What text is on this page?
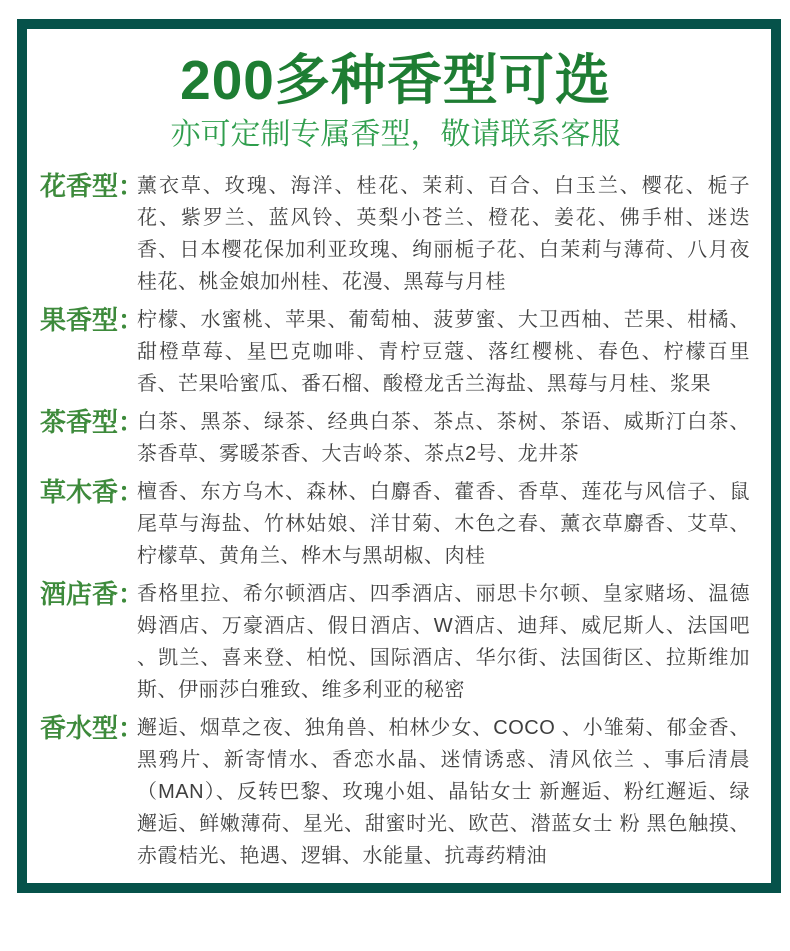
200多种香型可选
亦可定制专属香型，敬请联系客服
花香型：
薰衣草、玫瑰、海洋、桂花、茉莉、百合、白玉兰、樱花、栀子花、紫罗兰、蓝风铃、英梨小苍兰、橙花、姜花、佛手柑、迷迭香、日本樱花保加利亚玫瑰、绚丽栀子花、白茉莉与薄荷、八月夜桂花、桃金娘加州桂、花漫、黑莓与月桂
果香型：
柠檬、水蜜桃、苹果、葡萄柚、菠萝蜜、大卫西柚、芒果、柑橘、甜橙草莓、星巴克咖啡、青柠豆蔻、落红樱桃、春色、柠檬百里香、芒果哈蜜瓜、番石榴、酸橙龙舌兰海盐、黑莓与月桂、浆果
茶香型：
白茶、黑茶、绿茶、经典白茶、茶点、茶树、茶语、威斯汀白茶、茶香草、雾暖茶香、大吉岭茶、茶点2号、龙井茶
草木香：
檀香、东方乌木、森林、白麝香、藿香、香草、莲花与风信子、鼠尾草与海盐、竹林姑娘、洋甘菊、木色之春、薰衣草麝香、艾草、柠檬草、黄角兰、桦木与黑胡椒、肉桂
酒店香：
香格里拉、希尔顿酒店、四季酒店、丽思卡尔顿、皇家赌场、温德姆酒店、万豪酒店、假日酒店、W酒店、迪拜、威尼斯人、法国吧 、凯兰、喜来登、柏悦、国际酒店、华尔街、法国街区、拉斯维加斯、伊丽莎白雅致、维多利亚的秘密
香水型：
邂逅、烟草之夜、独角兽、柏林少女、COCO 、小雏菊、郁金香、黑鸦片、新寄情水、香恋水晶、迷情诱惑、清风依兰 、事后清晨（MAN）、反转巴黎、玫瑰小姐、晶钻女士 新邂逅、粉红邂逅、绿邂逅、鲜嫩薄荷、星光、甜蜜时光、欧芭、潜蓝女士 粉 黑色触摸、赤霞桔光、艳遇、逻辑、水能量、抗毒药精油
